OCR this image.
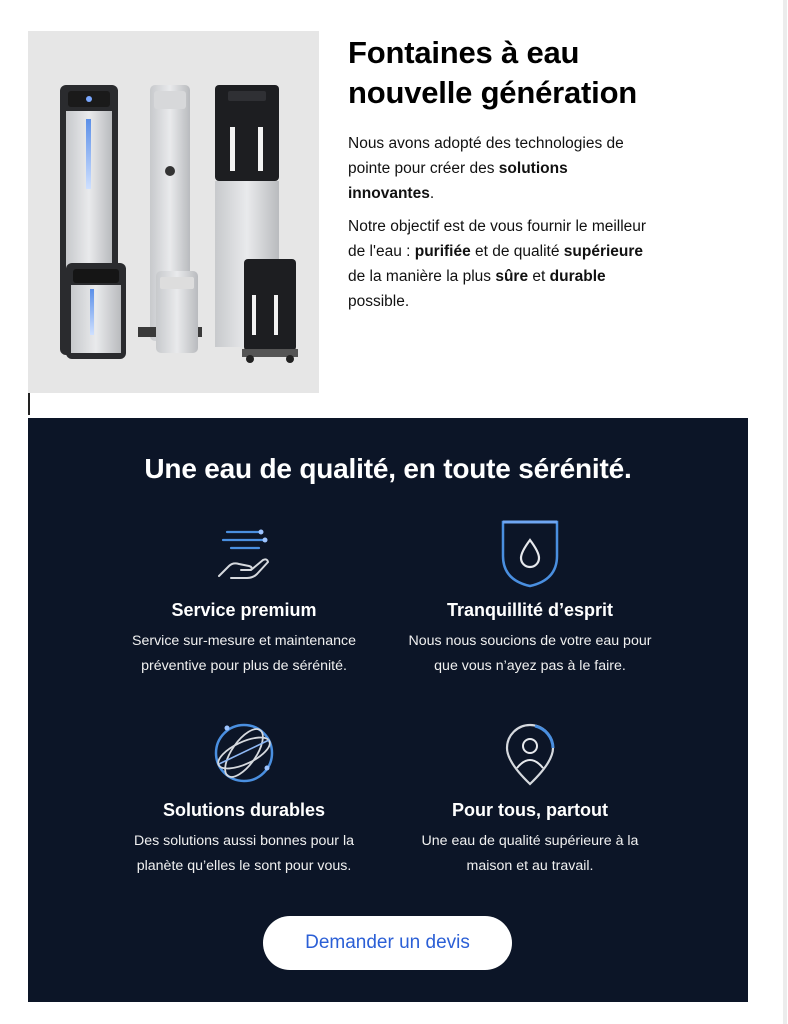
Fontaines à eau
nouvelle génération

Nous avons adopté des technologies de pointe pour créer des solutions innovantes.

Notre objectif est de vous fournir le meilleur de l'eau : purifiée et de qualité supérieure de la manière la plus sûre et durable possible.

Une eau de qualité, en toute sérénité.
Service premium
Service sur-mesure et maintenance
préventive pour plus de sérénité.
Tranquillité d’esprit
Nous nous soucions de votre eau pour
que vous n’ayez pas à le faire.
Solutions durables
Des solutions aussi bonnes pour la
planète qu’elles le sont pour vous.
Pour tous, partout
Une eau de qualité supérieure à la
maison et au travail.
Demander un devis
